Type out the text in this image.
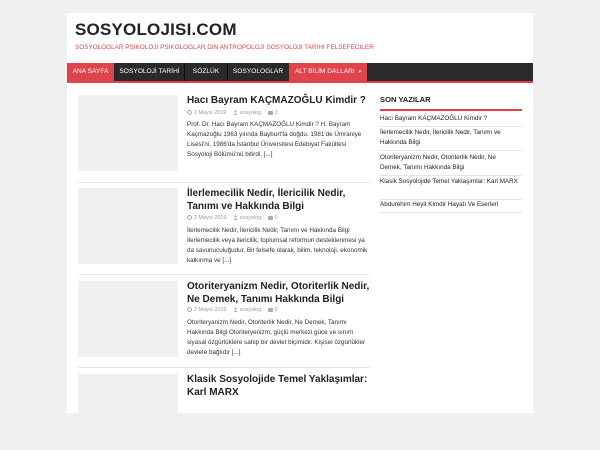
SOSYOLOJISI.COM
SOSYOLOGLAR PSIKOLOJI PSIKOLOGLAR DIN ANTROPOLOJI SOSYOLOJI TARIHI FELSEFECILER
ANA SAYFA	SOSYOLOJİ TARİHİ	SÖZLÜK	SOSYOLOGLAR	ALT BİLİM DALLARI ▾
Hacı Bayram KAÇMAZOĞLU Kimdir ?
2 Mayıs 2019	sosyolog	0
Prof. Dr. Hacı Bayram KAÇMAZOĞLU Kimdir ? H. Bayram Kaçmazoğlu 1963 yılında Bayburt'ta doğdu. 1981'de Ümraniye Lisesi'ni, 1986'da İstanbul Üniversitesi Edebiyat Fakültesi Sosyoloji Bölümü'nü bitirdi. [...]
İlerlemecilik Nedir, İlericilik Nedir, Tanımı ve Hakkında Bilgi
2 Mayıs 2019	sosyolog	0
İlerlemecilik Nedir, İlericilik Nedir, Tanımı ve Hakkında Bilgi İlerlemecilik veya ilericilik, toplumsal reformun desteklenmesi ya da savunuculuğudur. Bir felsefe olarak, bilim, teknoloji, ekonomik kalkınma ve [...]
Otoriteryanizm Nedir, Otoriterlik Nedir, Ne Demek, Tanımı Hakkında Bilgi
2 Mayıs 2019	sosyolog	0
Otoriteryanizm Nedir, Otoriterlik Nedir, Ne Demek, Tanımı Hakkında Bilgi Otoriteryenizm, güçlü merkezi güce ve sınırlı siyasal özgürlüklere sahip bir devlet biçimidir. Kişisel özgürlükler devlete bağlıdır [...]
Klasik Sosyolojide Temel Yaklaşımlar: Karl MARX
SON YAZILAR
Hacı Bayram KAÇMAZOĞLU Kimdir ?
İlerlemecilik Nedir, İlericilik Nedir, Tanımı ve Hakkında Bilgi
Otoriteryanizm Nedir, Otoriterlik Nedir, Ne Demek, Tanımı Hakkında Bilgi
Klasik Sosyolojide Temel Yaklaşımlar: Karl MARX
Abdurehim Heyit Kimdir Hayatı Ve Eserleri
